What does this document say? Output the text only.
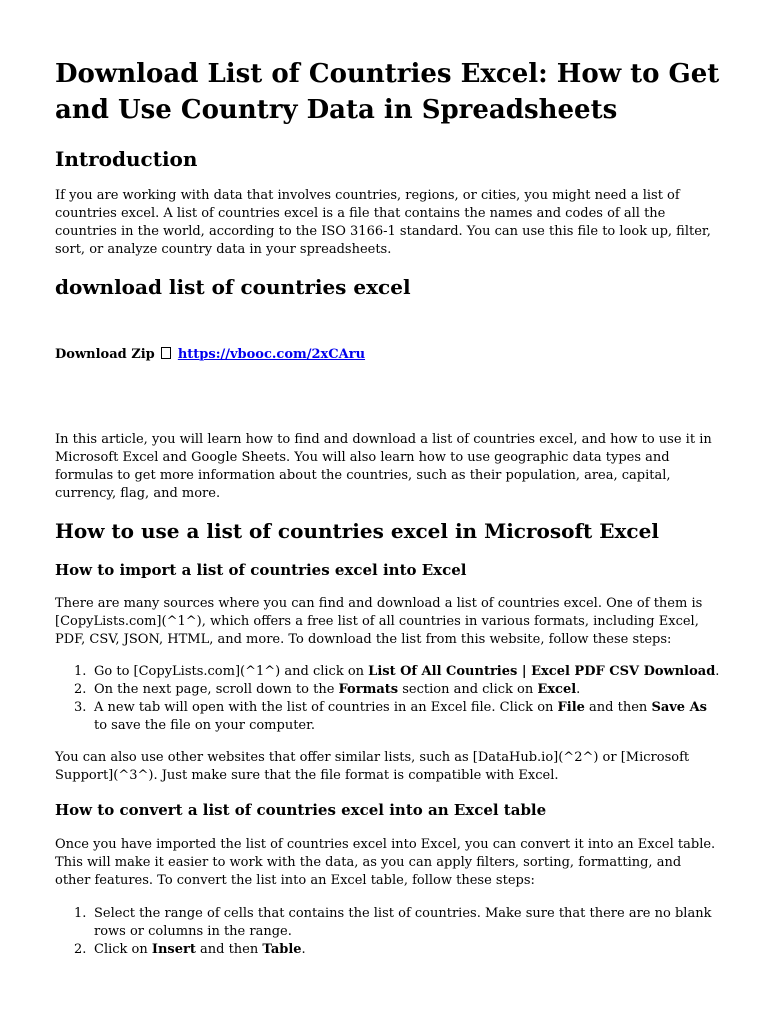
Download List of Countries Excel: How to Get and Use Country Data in Spreadsheets
Introduction

If you are working with data that involves countries, regions, or cities, you might need a list of countries excel. A list of countries excel is a file that contains the names and codes of all the countries in the world, according to the ISO 3166-1 standard. You can use this file to look up, filter, sort, or analyze country data in your spreadsheets.

download list of countries excel
Download Zip https://vbooc.com/2xCAru

In this article, you will learn how to find and download a list of countries excel, and how to use it in Microsoft Excel and Google Sheets. You will also learn how to use geographic data types and formulas to get more information about the countries, such as their population, area, capital, currency, flag, and more.

How to use a list of countries excel in Microsoft Excel
How to import a list of countries excel into Excel

There are many sources where you can find and download a list of countries excel. One of them is [CopyLists.com](^1^), which offers a free list of all countries in various formats, including Excel, PDF, CSV, JSON, HTML, and more. To download the list from this website, follow these steps:

1. Go to [CopyLists.com](^1^) and click on List Of All Countries | Excel PDF CSV Download.
2. On the next page, scroll down to the Formats section and click on Excel.
3. A new tab will open with the list of countries in an Excel file. Click on File and then Save As to save the file on your computer.

You can also use other websites that offer similar lists, such as [DataHub.io](^2^) or [Microsoft Support](^3^). Just make sure that the file format is compatible with Excel.

How to convert a list of countries excel into an Excel table

Once you have imported the list of countries excel into Excel, you can convert it into an Excel table. This will make it easier to work with the data, as you can apply filters, sorting, formatting, and other features. To convert the list into an Excel table, follow these steps:

1. Select the range of cells that contains the list of countries. Make sure that there are no blank rows or columns in the range.
2. Click on Insert and then Table.
